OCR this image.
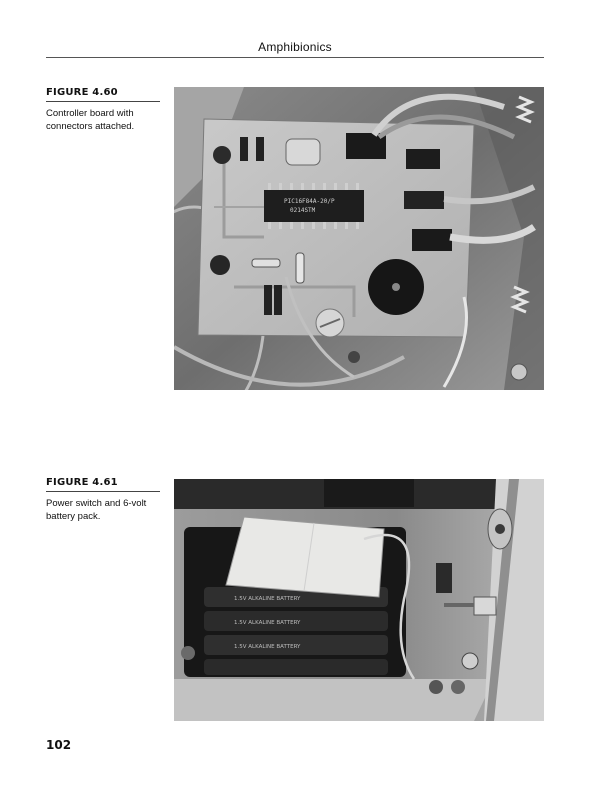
Amphibionics
FIGURE 4.60
Controller board with
connectors attached.
PIC16F84A-20/P
0214STM
FIGURE 4.61
Power switch and 6-volt
battery pack.
1.5V ALKALINE BATTERY
1.5V ALKALINE BATTERY
1.5V ALKALINE BATTERY
102
